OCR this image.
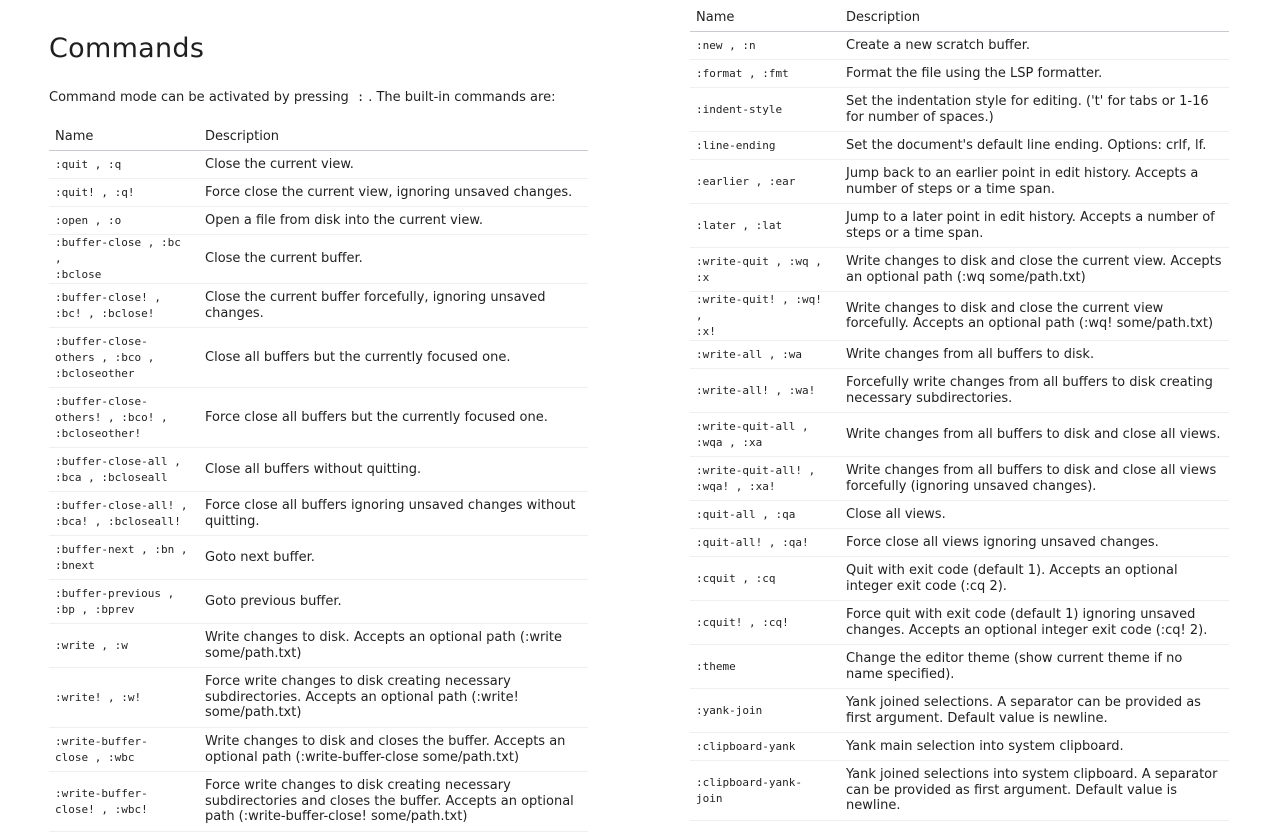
Commands
Command mode can be activated by pressing : . The built-in commands are:
Name	Description
:quit , :q	Close the current view.
:quit! , :q!	Force close the current view, ignoring unsaved changes.
:open , :o	Open a file from disk into the current view.
:buffer-close , :bc ,
:bclose	Close the current buffer.
:buffer-close! ,
:bc! , :bclose!	Close the current buffer forcefully, ignoring unsaved changes.
:buffer-close-
others , :bco ,
:bcloseother	Close all buffers but the currently focused one.
:buffer-close-
others! , :bco! ,
:bcloseother!	Force close all buffers but the currently focused one.
:buffer-close-all ,
:bca , :bcloseall	Close all buffers without quitting.
:buffer-close-all! ,
:bca! , :bcloseall!	Force close all buffers ignoring unsaved changes without quitting.
:buffer-next , :bn ,
:bnext	Goto next buffer.
:buffer-previous ,
:bp , :bprev	Goto previous buffer.
:write , :w	Write changes to disk. Accepts an optional path (:write some/path.txt)
:write! , :w!	Force write changes to disk creating necessary subdirectories. Accepts an optional path (:write! some/path.txt)
:write-buffer-
close , :wbc	Write changes to disk and closes the buffer. Accepts an optional path (:write-buffer-close some/path.txt)
:write-buffer-
close! , :wbc!	Force write changes to disk creating necessary subdirectories and closes the buffer. Accepts an optional path (:write-buffer-close! some/path.txt)
Name	Description
:new , :n	Create a new scratch buffer.
:format , :fmt	Format the file using the LSP formatter.
:indent-style	Set the indentation style for editing. ('t' for tabs or 1-16 for number of spaces.)
:line-ending	Set the document's default line ending. Options: crlf, lf.
:earlier , :ear	Jump back to an earlier point in edit history. Accepts a number of steps or a time span.
:later , :lat	Jump to a later point in edit history. Accepts a number of steps or a time span.
:write-quit , :wq ,
:x	Write changes to disk and close the current view. Accepts an optional path (:wq some/path.txt)
:write-quit! , :wq! ,
:x!	Write changes to disk and close the current view forcefully. Accepts an optional path (:wq! some/path.txt)
:write-all , :wa	Write changes from all buffers to disk.
:write-all! , :wa!	Forcefully write changes from all buffers to disk creating necessary subdirectories.
:write-quit-all ,
:wqa , :xa	Write changes from all buffers to disk and close all views.
:write-quit-all! ,
:wqa! , :xa!	Write changes from all buffers to disk and close all views forcefully (ignoring unsaved changes).
:quit-all , :qa	Close all views.
:quit-all! , :qa!	Force close all views ignoring unsaved changes.
:cquit , :cq	Quit with exit code (default 1). Accepts an optional integer exit code (:cq 2).
:cquit! , :cq!	Force quit with exit code (default 1) ignoring unsaved changes. Accepts an optional integer exit code (:cq! 2).
:theme	Change the editor theme (show current theme if no name specified).
:yank-join	Yank joined selections. A separator can be provided as first argument. Default value is newline.
:clipboard-yank	Yank main selection into system clipboard.
:clipboard-yank-
join	Yank joined selections into system clipboard. A separator can be provided as first argument. Default value is newline.
